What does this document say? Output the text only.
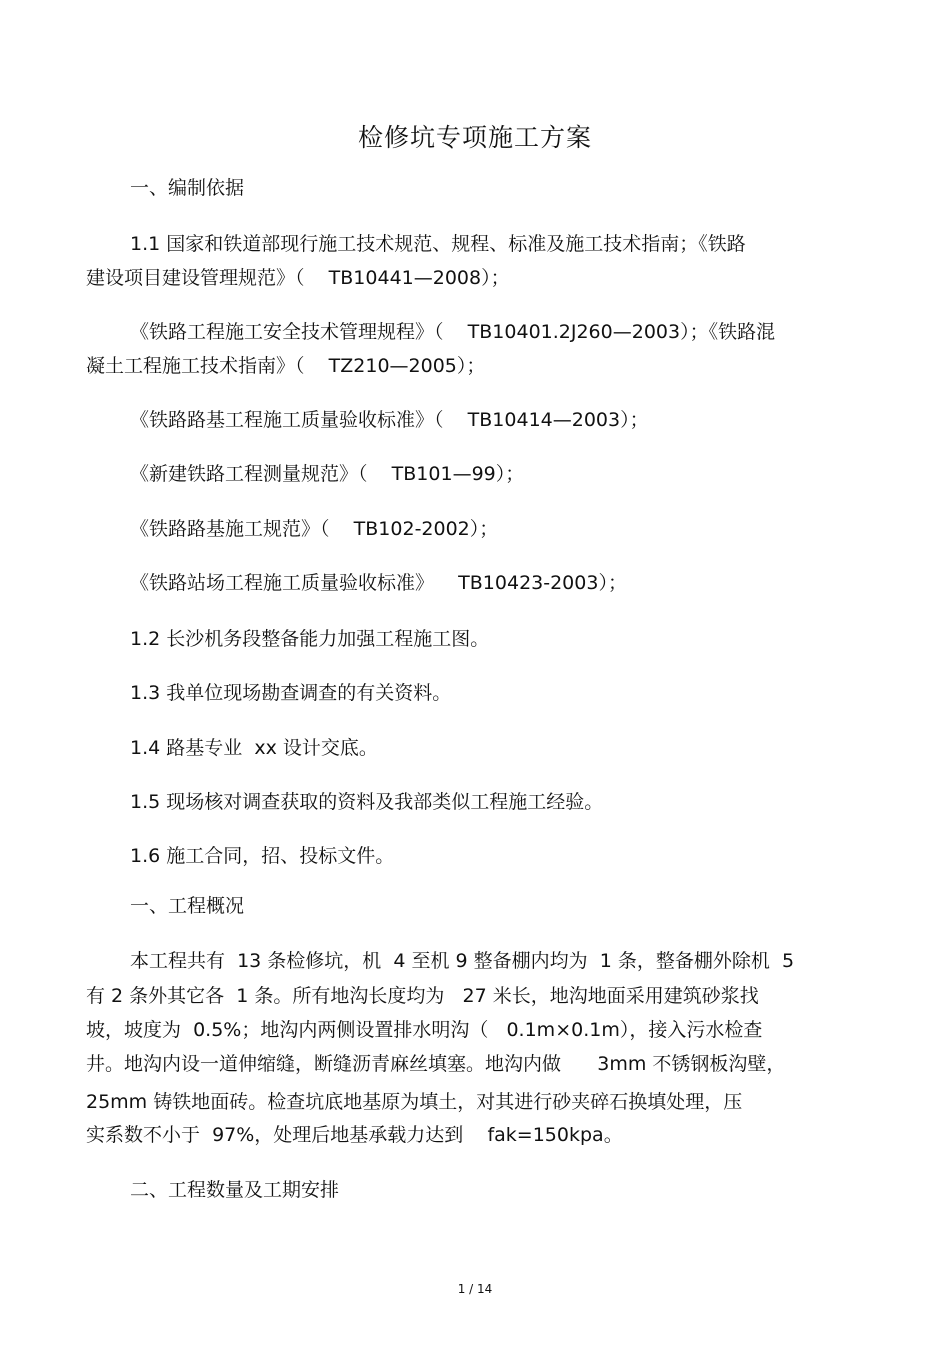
检修坑专项施工方案

一、编制依据

1.1 国家和铁道部现行施工技术规范、规程、标准及施工技术指南；《铁路

建设项目建设管理规范》（    TB10441—2008）；

《铁路工程施工安全技术管理规程》（    TB10401.2J260—2003）；《铁路混

凝土工程施工技术指南》（    TZ210—2005）；

《铁路路基工程施工质量验收标准》（    TB10414—2003）；

《新建铁路工程测量规范》（    TB101—99）；

《铁路路基施工规范》（    TB102-2002）；

《铁路站场工程施工质量验收标准》    TB10423-2003）；

1.2 长沙机务段整备能力加强工程施工图。

1.3 我单位现场勘查调查的有关资料。

1.4 路基专业  xx 设计交底。

1.5 现场核对调查获取的资料及我部类似工程施工经验。

1.6 施工合同，招、投标文件。

一、工程概况

本工程共有  13 条检修坑，机  4 至机 9 整备棚内均为  1 条，整备棚外除机  5

有 2 条外其它各  1 条。所有地沟长度均为   27 米长，地沟地面采用建筑砂浆找

坡，坡度为  0.5%；地沟内两侧设置排水明沟（   0.1m×0.1m），接入污水检查

井。地沟内设一道伸缩缝，断缝沥青麻丝填塞。地沟内做      3mm 不锈钢板沟壁，

25mm 铸铁地面砖。检查坑底地基原为填土，对其进行砂夹碎石换填处理，压

实系数不小于  97%，处理后地基承载力达到    fak=150kpa。

二、工程数量及工期安排

1 / 14
